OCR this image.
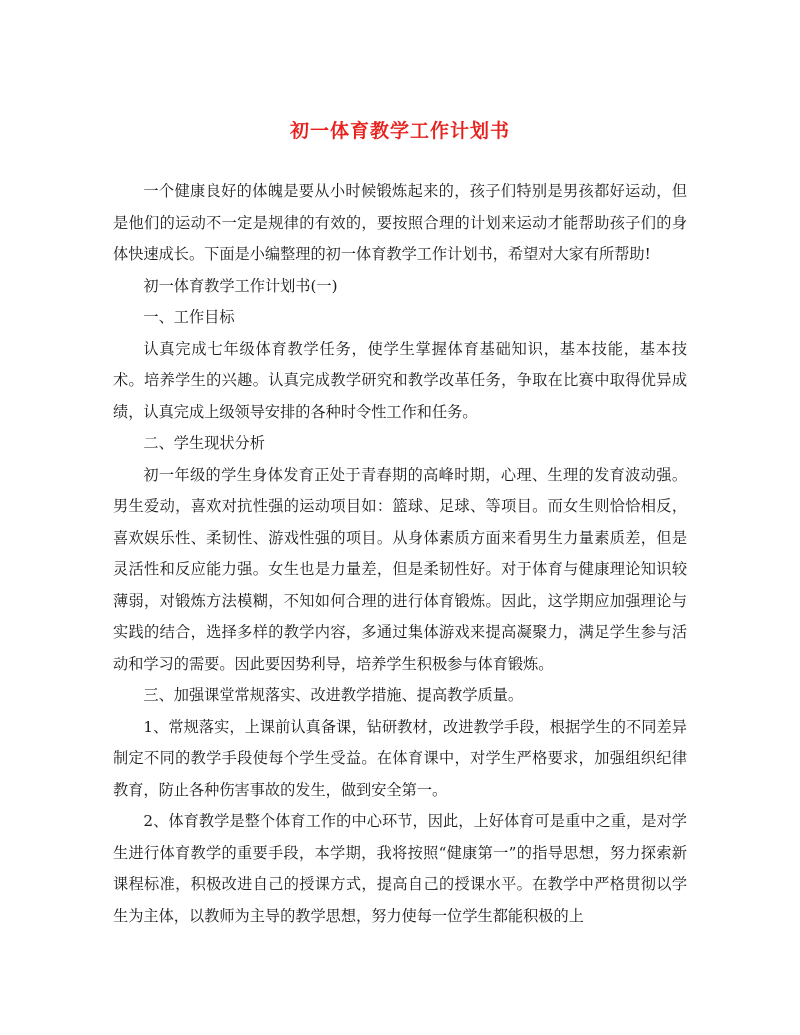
初一体育教学工作计划书

一个健康良好的体魄是要从小时候锻炼起来的，孩子们特别是男孩都好运动，但是他们的运动不一定是规律的有效的，要按照合理的计划来运动才能帮助孩子们的身体快速成长。下面是小编整理的初一体育教学工作计划书，希望对大家有所帮助!

初一体育教学工作计划书(一)

一、工作目标

认真完成七年级体育教学任务，使学生掌握体育基础知识，基本技能，基本技术。培养学生的兴趣。认真完成教学研究和教学改革任务，争取在比赛中取得优异成绩，认真完成上级领导安排的各种时令性工作和任务。

二、学生现状分析

初一年级的学生身体发育正处于青春期的高峰时期，心理、生理的发育波动强。男生爱动，喜欢对抗性强的运动项目如：篮球、足球、等项目。而女生则恰恰相反，喜欢娱乐性、柔韧性、游戏性强的项目。从身体素质方面来看男生力量素质差，但是灵活性和反应能力强。女生也是力量差，但是柔韧性好。对于体育与健康理论知识较薄弱，对锻炼方法模糊，不知如何合理的进行体育锻炼。因此，这学期应加强理论与实践的结合，选择多样的教学内容，多通过集体游戏来提高凝聚力，满足学生参与活动和学习的需要。因此要因势利导，培养学生积极参与体育锻炼。

三、加强课堂常规落实、改进教学措施、提高教学质量。

1、常规落实，上课前认真备课，钻研教材，改进教学手段，根据学生的不同差异制定不同的教学手段使每个学生受益。在体育课中，对学生严格要求，加强组织纪律教育，防止各种伤害事故的发生，做到安全第一。

2、体育教学是整个体育工作的中心环节，因此，上好体育可是重中之重，是对学生进行体育教学的重要手段，本学期，我将按照“健康第一”的指导思想，努力探索新课程标准，积极改进自己的授课方式，提高自己的授课水平。在教学中严格贯彻以学生为主体，以教师为主导的教学思想，努力使每一位学生都能积极的上
